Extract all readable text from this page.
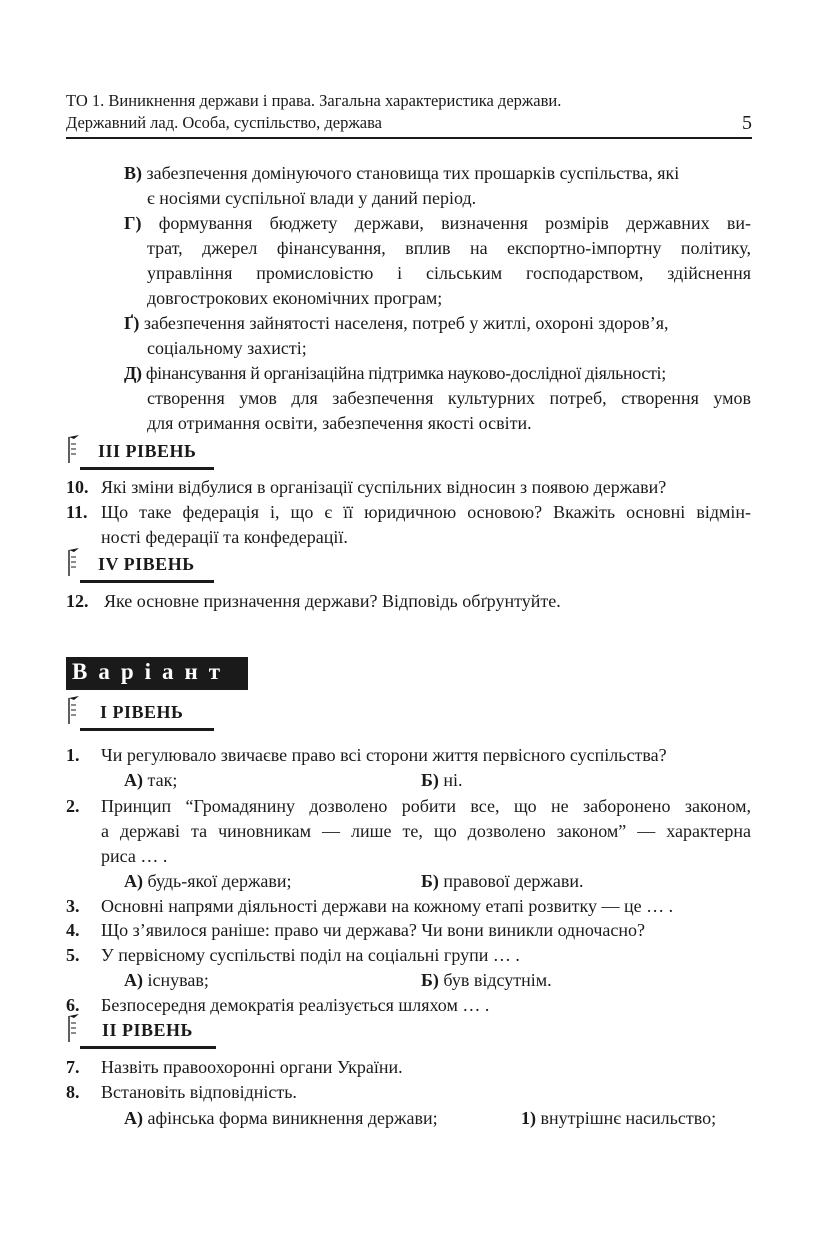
ТО 1. Виникнення держави і права. Загальна характеристика держави.
Державний лад. Особа, суспільство, держава	5
В) забезпечення домінуючого становища тих прошарків суспільства, які
є носіями суспільної влади у даний період.
Г) формування бюджету держави, визначення розмірів державних ви-
трат, джерел фінансування, вплив на експортно-імпортну політику,
управління промисловістю і сільським господарством, здійснення
довгострокових економічних програм;
Ґ) забезпечення зайнятості населеня, потреб у житлі, охороні здоров’я,
соціальному захисті;
Д) фінансування й організаційна підтримка науково-дослідної діяльності;
створення умов для забезпечення культурних потреб, створення умов
для отримання освіти, забезпечення якості освіти.
ІІІ РІВЕНЬ
10. Які зміни відбулися в організації суспільних відносин з появою держави?
11. Що таке федерація і, що є її юридичною основою? Вкажіть основні відмін-
ності федерації та конфедерації.
ІV РІВЕНЬ
12. Яке основне призначення держави? Відповідь обґрунтуйте.
Варіант 2
І РІВЕНЬ
1. Чи регулювало звичаєве право всі сторони життя первісного суспільства?
А) так;	Б) ні.
2. Принцип “Громадянину дозволено робити все, що не заборонено законом,
а державі та чиновникам — лише те, що дозволено законом” — характерна
риса … .
А) будь-якої держави;	Б) правової держави.
3. Основні напрями діяльності держави на кожному етапі розвитку — це … .
4. Що з’явилося раніше: право чи держава? Чи вони виникли одночасно?
5. У первісному суспільстві поділ на соціальні групи … .
А) існував;	Б) був відсутнім.
6. Безпосередня демократія реалізується шляхом … .
ІІ РІВЕНЬ
7. Назвіть правоохоронні органи України.
8. Встановіть відповідність.
А) афінська форма виникнення держави;	1) внутрішнє насильство;
